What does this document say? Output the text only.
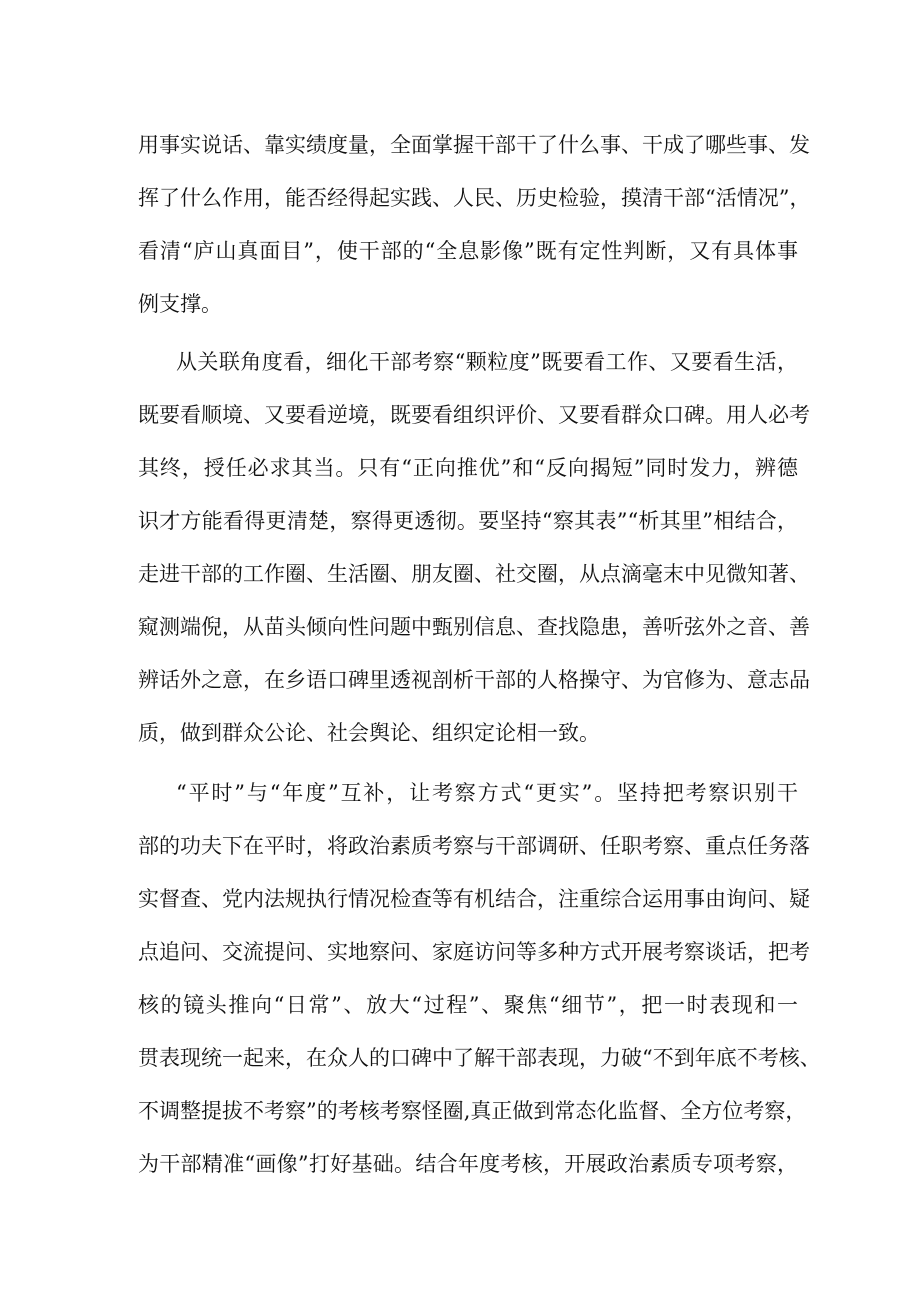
用事实说话、靠实绩度量，全面掌握干部干了什么事、干成了哪些事、发
挥了什么作用，能否经得起实践、人民、历史检验，摸清干部“活情况”，
看清“庐山真面目”，使干部的“全息影像”既有定性判断，又有具体事
例支撑。
从关联角度看，细化干部考察“颗粒度”既要看工作、又要看生活，
既要看顺境、又要看逆境，既要看组织评价、又要看群众口碑。用人必考
其终，授任必求其当。只有“正向推优”和“反向揭短”同时发力，辨德
识才方能看得更清楚，察得更透彻。要坚持“察其表”“析其里”相结合，
走进干部的工作圈、生活圈、朋友圈、社交圈，从点滴毫末中见微知著、
窥测端倪，从苗头倾向性问题中甄别信息、查找隐患，善听弦外之音、善
辨话外之意，在乡语口碑里透视剖析干部的人格操守、为官修为、意志品
质，做到群众公论、社会舆论、组织定论相一致。
“平时”与“年度”互补，让考察方式“更实”。坚持把考察识别干
部的功夫下在平时，将政治素质考察与干部调研、任职考察、重点任务落
实督查、党内法规执行情况检查等有机结合，注重综合运用事由询问、疑
点追问、交流提问、实地察问、家庭访问等多种方式开展考察谈话，把考
核的镜头推向“日常”、放大“过程”、聚焦“细节”，把一时表现和一
贯表现统一起来，在众人的口碑中了解干部表现，力破“不到年底不考核、
不调整提拔不考察”的考核考察怪圈,真正做到常态化监督、全方位考察，
为干部精准“画像”打好基础。结合年度考核，开展政治素质专项考察，
